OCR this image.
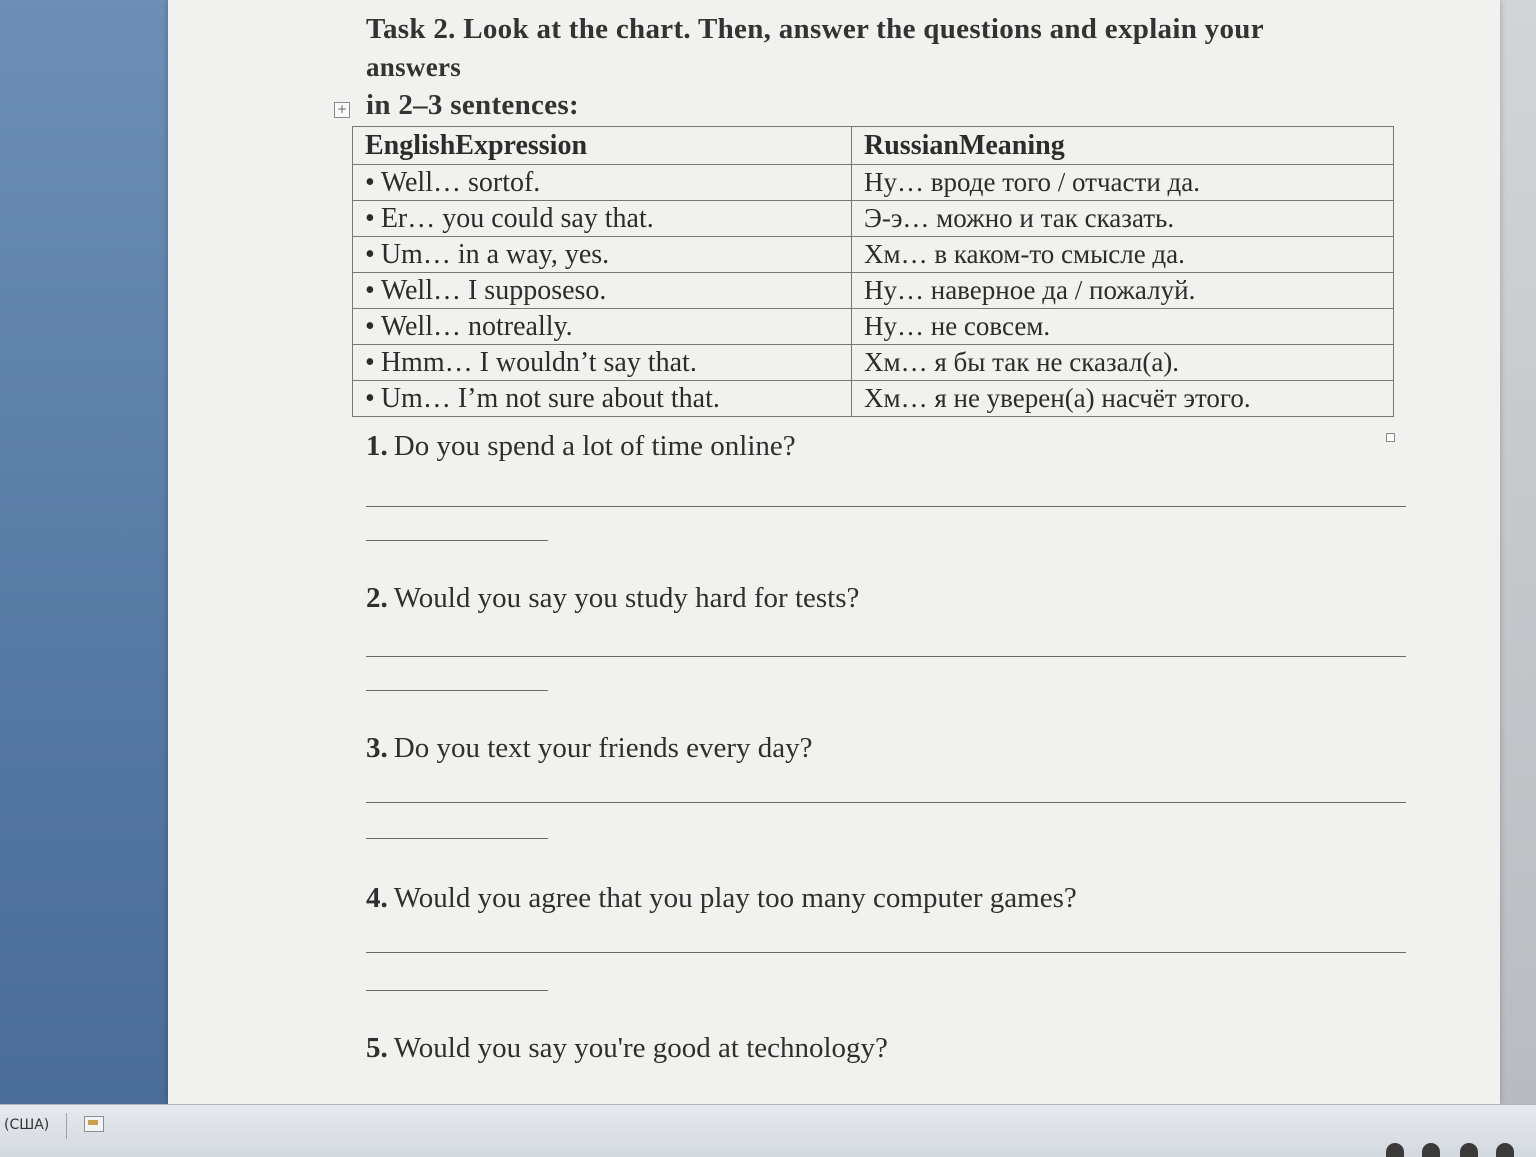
Task 2. Look at the chart. Then, answer the questions and explain your
answers
in 2–3 sentences:
+
EnglishExpression	RussianMeaning
• Well… sortof.	Ну… вроде того / отчасти да.
• Er… you could say that.	Э-э… можно и так сказать.
• Um… in a way, yes.	Хм… в каком-то смысле да.
• Well… I supposeso.	Ну… наверное да / пожалуй.
• Well… notreally.	Ну… не совсем.
• Hmm… I wouldn’t say that.	Хм… я бы так не сказал(а).
• Um… I’m not sure about that.	Хм… я не уверен(а) насчёт этого.
1. Do you spend a lot of time online?
2. Would you say you study hard for tests?
3. Do you text your friends every day?
4. Would you agree that you play too many computer games?
5. Would you say you're good at technology?
(США)
